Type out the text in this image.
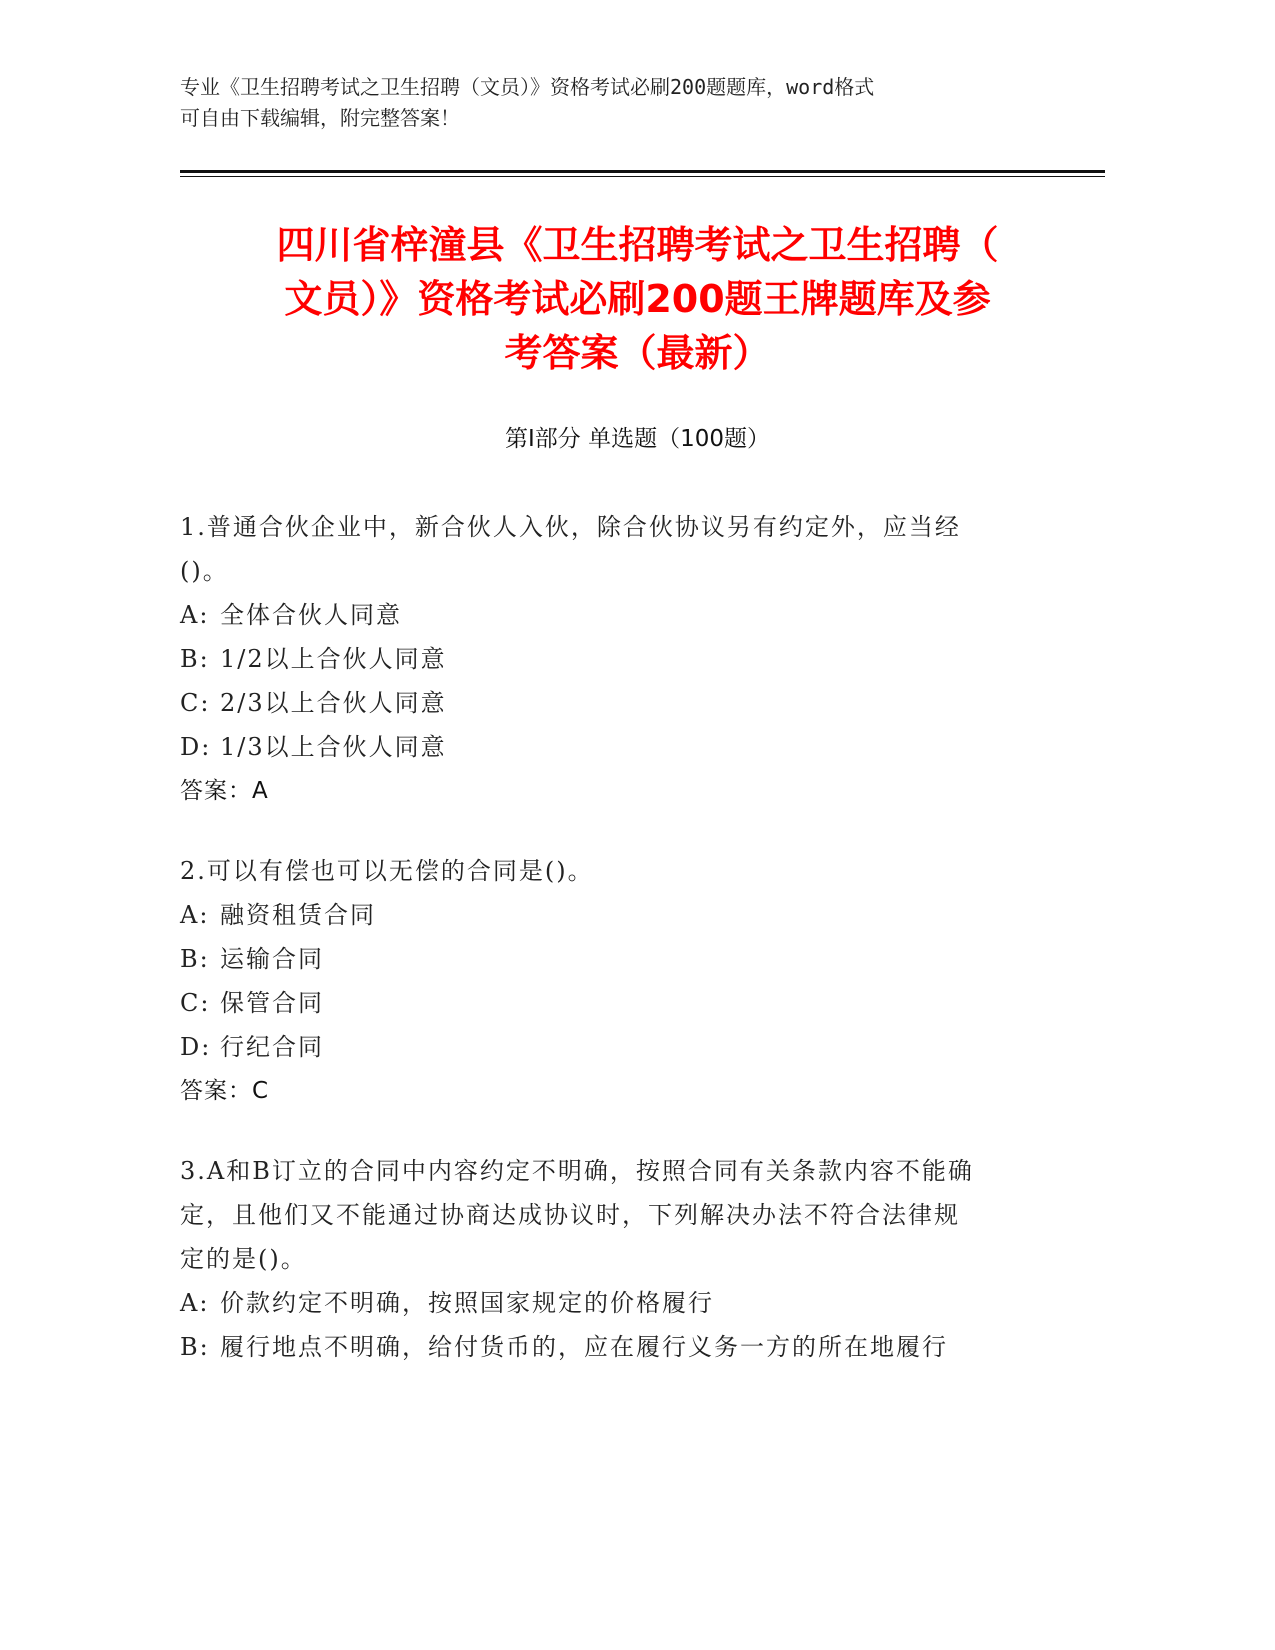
专业《卫生招聘考试之卫生招聘（文员）》资格考试必刷200题题库，word格式
可自由下载编辑，附完整答案！
四川省梓潼县《卫生招聘考试之卫生招聘（
文员）》资格考试必刷200题王牌题库及参
考答案（最新）
第I部分 单选题（100题）
1.普通合伙企业中，新合伙人入伙，除合伙协议另有约定外，应当经
()。
A: 全体合伙人同意
B: 1/2以上合伙人同意
C: 2/3以上合伙人同意
D: 1/3以上合伙人同意
答案：A
2.可以有偿也可以无偿的合同是()。
A: 融资租赁合同
B: 运输合同
C: 保管合同
D: 行纪合同
答案：C
3.A和B订立的合同中内容约定不明确，按照合同有关条款内容不能确
定，且他们又不能通过协商达成协议时，下列解决办法不符合法律规
定的是()。
A: 价款约定不明确，按照国家规定的价格履行
B: 履行地点不明确，给付货币的，应在履行义务一方的所在地履行
